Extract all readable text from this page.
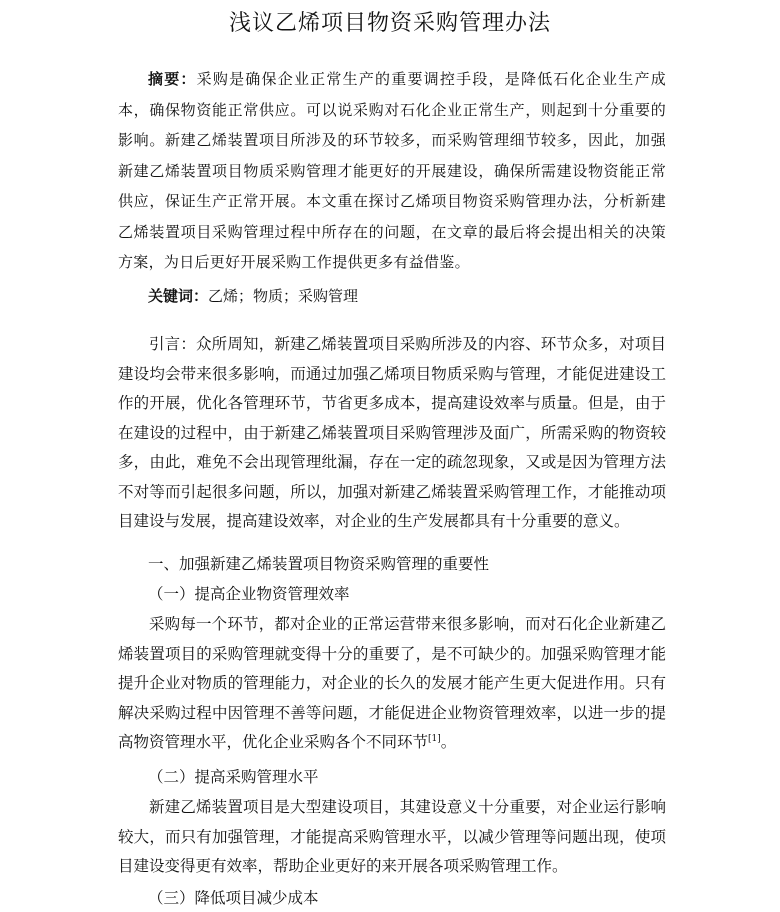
浅议乙烯项目物资采购管理办法

摘要：采购是确保企业正常生产的重要调控手段，是降低石化企业生产成本，确保物资能正常供应。可以说采购对石化企业正常生产，则起到十分重要的影响。新建乙烯装置项目所涉及的环节较多，而采购管理细节较多，因此，加强新建乙烯装置项目物质采购管理才能更好的开展建设，确保所需建设物资能正常供应，保证生产正常开展。本文重在探讨乙烯项目物资采购管理办法，分析新建乙烯装置项目采购管理过程中所存在的问题，在文章的最后将会提出相关的决策方案，为日后更好开展采购工作提供更多有益借鉴。

关键词：乙烯；物质；采购管理

引言：众所周知，新建乙烯装置项目采购所涉及的内容、环节众多，对项目建设均会带来很多影响，而通过加强乙烯项目物质采购与管理，才能促进建设工作的开展，优化各管理环节，节省更多成本，提高建设效率与质量。但是，由于在建设的过程中，由于新建乙烯装置项目采购管理涉及面广，所需采购的物资较多，由此，难免不会出现管理纰漏，存在一定的疏忽现象，又或是因为管理方法不对等而引起很多问题，所以，加强对新建乙烯装置采购管理工作，才能推动项目建设与发展，提高建设效率，对企业的生产发展都具有十分重要的意义。

一、加强新建乙烯装置项目物资采购管理的重要性
（一）提高企业物资管理效率

采购每一个环节，都对企业的正常运营带来很多影响，而对石化企业新建乙烯装置项目的采购管理就变得十分的重要了，是不可缺少的。加强采购管理才能提升企业对物质的管理能力，对企业的长久的发展才能产生更大促进作用。只有解决采购过程中因管理不善等问题，才能促进企业物资管理效率，以进一步的提高物资管理水平，优化企业采购各个不同环节[1]。

（二）提高采购管理水平

新建乙烯装置项目是大型建设项目，其建设意义十分重要，对企业运行影响较大，而只有加强管理，才能提高采购管理水平，以减少管理等问题出现，使项目建设变得更有效率，帮助企业更好的来开展各项采购管理工作。

（三）降低项目减少成本
